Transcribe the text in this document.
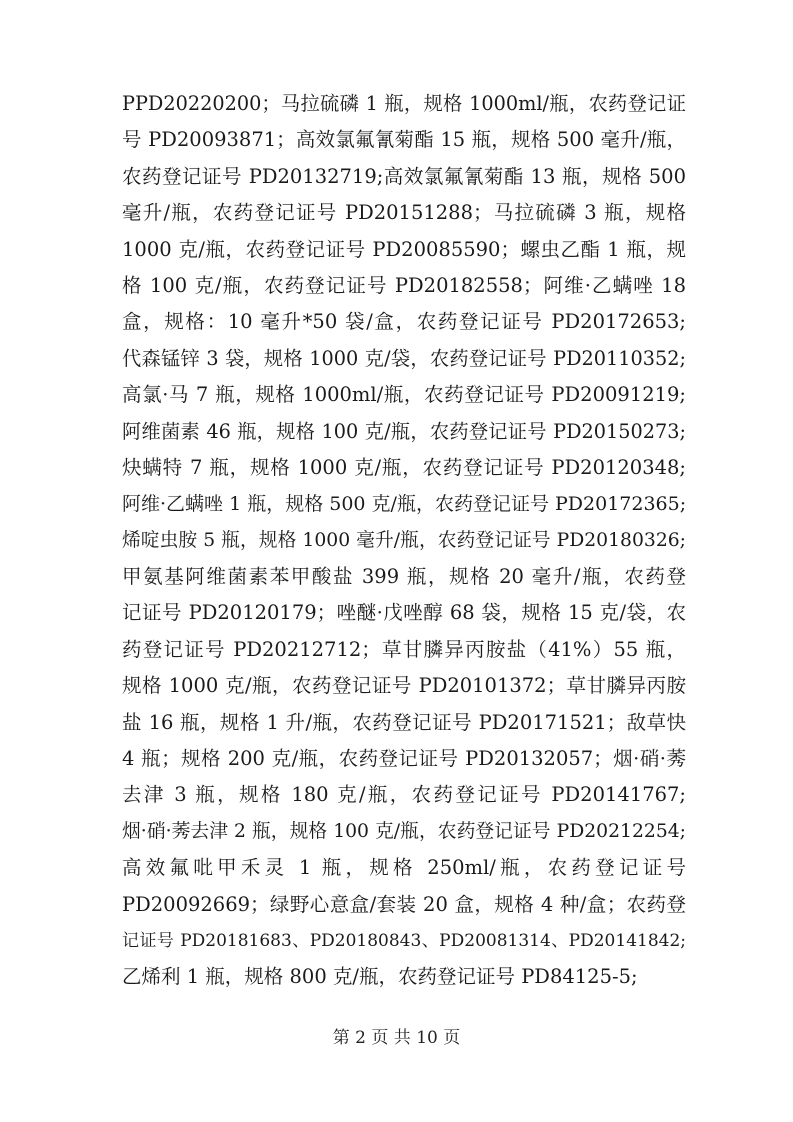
PPD20220200；马拉硫磷 1 瓶，规格 1000ml/瓶，农药登记证
号 PD20093871；高效氯氟氰菊酯 15 瓶，规格 500 毫升/瓶，
农药登记证号 PD20132719;高效氯氟氰菊酯 13 瓶，规格 500
毫升/瓶，农药登记证号 PD20151288；马拉硫磷 3 瓶，规格
1000 克/瓶，农药登记证号 PD20085590；螺虫乙酯 1 瓶，规
格 100 克/瓶，农药登记证号 PD20182558；阿维·乙螨唑 18
盒，规格：10 毫升*50 袋/盒，农药登记证号 PD20172653;
代森锰锌 3 袋，规格 1000 克/袋，农药登记证号 PD20110352;
高氯·马 7 瓶，规格 1000ml/瓶，农药登记证号 PD20091219;
阿维菌素 46 瓶，规格 100 克/瓶，农药登记证号 PD20150273;
炔螨特 7 瓶，规格 1000 克/瓶，农药登记证号 PD20120348;
阿维·乙螨唑 1 瓶，规格 500 克/瓶，农药登记证号 PD20172365;
烯啶虫胺 5 瓶，规格 1000 毫升/瓶，农药登记证号 PD20180326;
甲氨基阿维菌素苯甲酸盐 399 瓶，规格 20 毫升/瓶，农药登
记证号 PD20120179；唑醚·戊唑醇 68 袋，规格 15 克/袋，农
药登记证号 PD20212712；草甘膦异丙胺盐（41%）55 瓶，
规格 1000 克/瓶，农药登记证号 PD20101372；草甘膦异丙胺
盐 16 瓶，规格 1 升/瓶，农药登记证号 PD20171521；敌草快
4 瓶；规格 200 克/瓶，农药登记证号 PD20132057；烟·硝·莠
去津 3 瓶，规格 180 克/瓶，农药登记证号 PD20141767;
烟·硝·莠去津 2 瓶，规格 100 克/瓶，农药登记证号 PD20212254;
高效氟吡甲禾灵 1 瓶，规格 250ml/瓶，农药登记证号
PD20092669；绿野心意盒/套装 20 盒，规格 4 种/盒；农药登
记证号 PD20181683、PD20180843、PD20081314、PD20141842;
乙烯利 1 瓶，规格 800 克/瓶，农药登记证号 PD84125-5;
第 2 页 共 10 页
